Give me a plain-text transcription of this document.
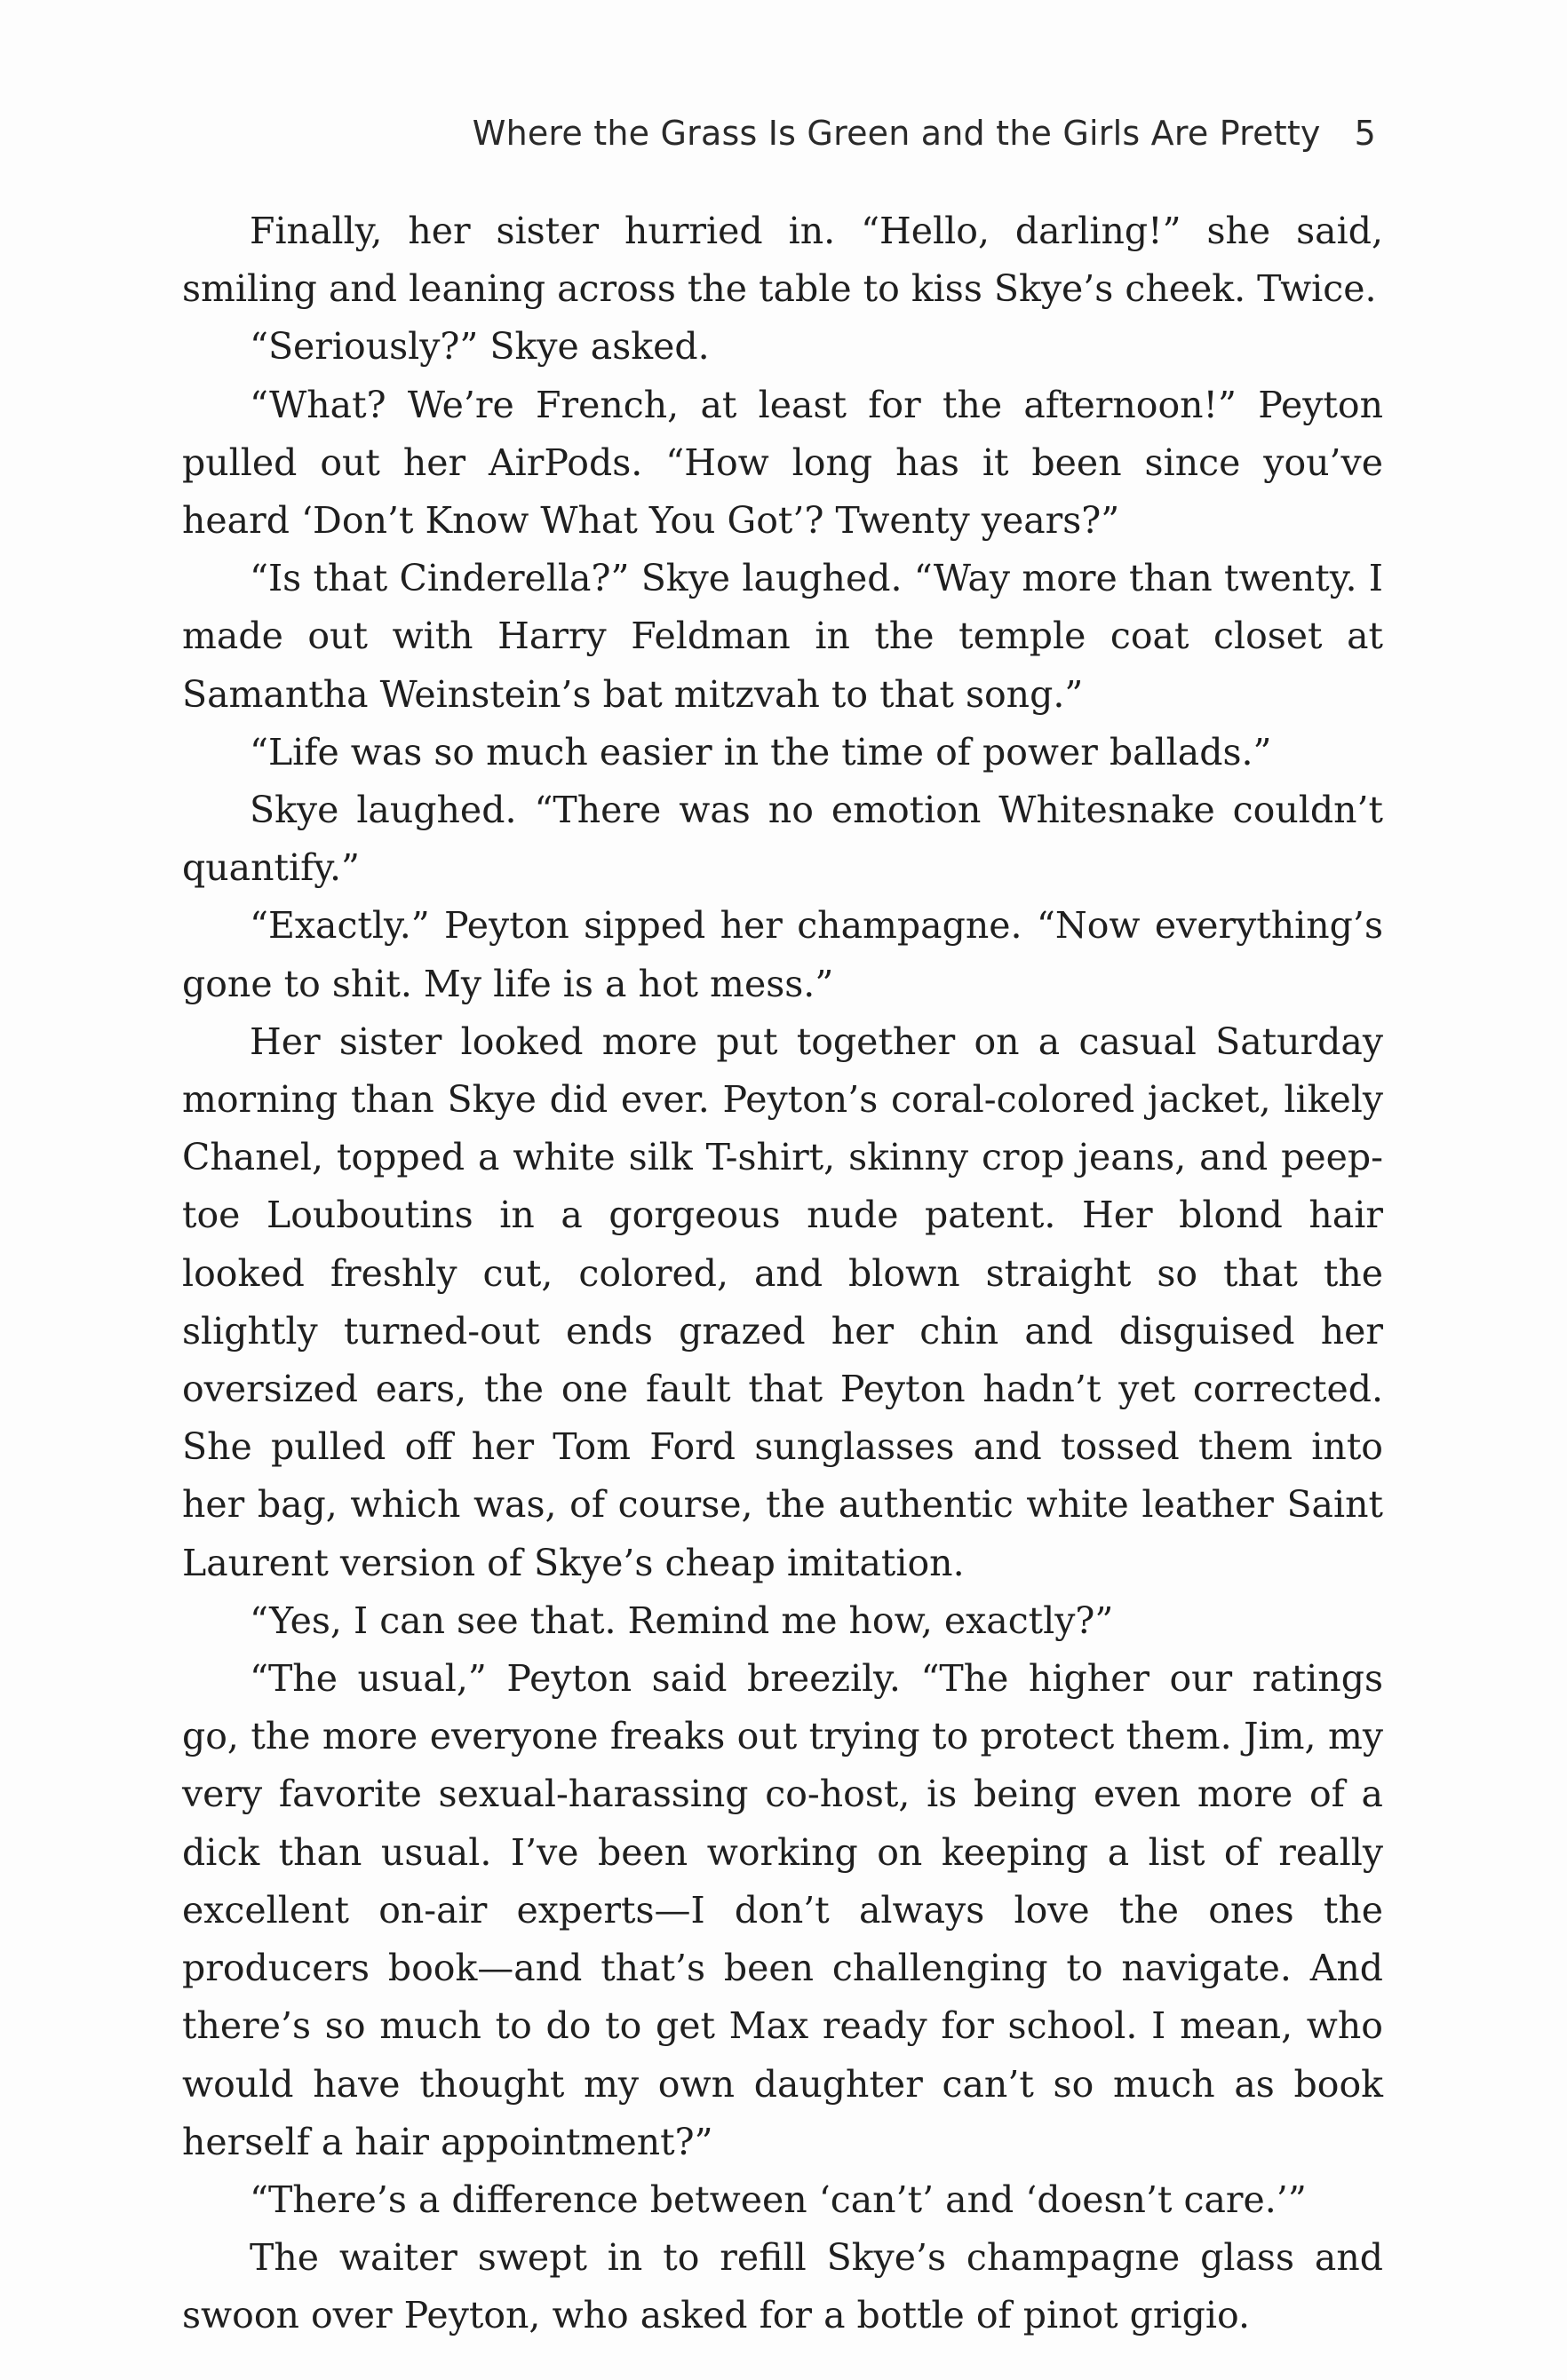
Where the Grass Is Green and the Girls Are Pretty 5

Finally, her sister hurried in. “Hello, darling!” she said, smiling and leaning across the table to kiss Skye’s cheek. Twice.

“Seriously?” Skye asked.

“What? We’re French, at least for the afternoon!” Peyton pulled out her AirPods. “How long has it been since you’ve heard ‘Don’t Know What You Got’? Twenty years?”

“Is that Cinderella?” Skye laughed. “Way more than twenty. I made out with Harry Feldman in the temple coat closet at Samantha Weinstein’s bat mitzvah to that song.”

“Life was so much easier in the time of power ballads.”

Skye laughed. “There was no emotion Whitesnake couldn’t quantify.”

“Exactly.” Peyton sipped her champagne. “Now everything’s gone to shit. My life is a hot mess.”

Her sister looked more put together on a casual Saturday morning than Skye did ever. Peyton’s coral-colored jacket, likely Chanel, topped a white silk T-shirt, skinny crop jeans, and peep-toe Louboutins in a gorgeous nude patent. Her blond hair looked freshly cut, colored, and blown straight so that the slightly turned-out ends grazed her chin and disguised her oversized ears, the one fault that Peyton hadn’t yet corrected. She pulled off her Tom Ford sunglasses and tossed them into her bag, which was, of course, the authentic white leather Saint Laurent version of Skye’s cheap imitation.

“Yes, I can see that. Remind me how, exactly?”

“The usual,” Peyton said breezily. “The higher our ratings go, the more everyone freaks out trying to protect them. Jim, my very favorite sexual-harassing co-host, is being even more of a dick than usual. I’ve been working on keeping a list of really excellent on-air experts—I don’t always love the ones the producers book—and that’s been challenging to navigate. And there’s so much to do to get Max ready for school. I mean, who would have thought my own daughter can’t so much as book herself a hair appointment?”

“There’s a difference between ‘can’t’ and ‘doesn’t care.’”

The waiter swept in to refill Skye’s champagne glass and swoon over Peyton, who asked for a bottle of pinot grigio.
